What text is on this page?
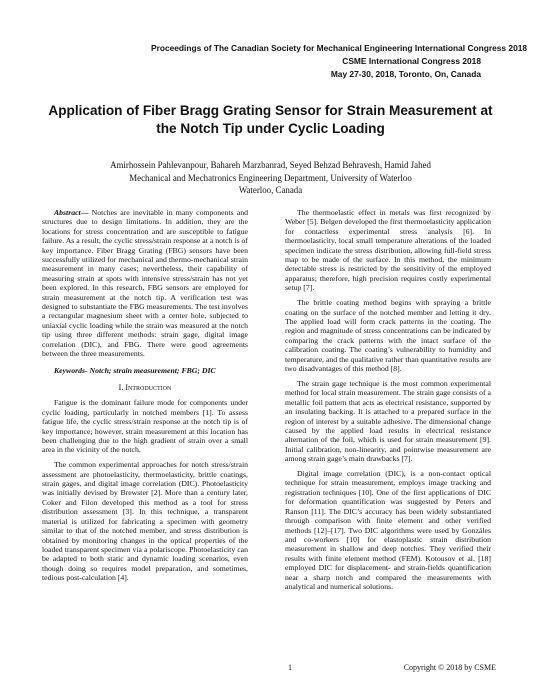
Proceedings of The Canadian Society for Mechanical Engineering International Congress 2018
CSME International Congress 2018
May 27-30, 2018, Toronto, On, Canada
Application of Fiber Bragg Grating Sensor for Strain Measurement at the Notch Tip under Cyclic Loading
Amirhossein Pahlevanpour, Bahareh Marzbanrad, Seyed Behzad Behravesh, Hamid Jahed
Mechanical and Mechatronics Engineering Department, University of Waterloo
Waterloo, Canada

Abstract— Notches are inevitable in many components and structures due to design limitations. In addition, they are the locations for stress concentration and are susceptible to fatigue failure. As a result, the cyclic stress/strain response at a notch is of key importance. Fiber Bragg Grating (FBG) sensors have been successfully utilized for mechanical and thermo-mechanical strain measurement in many cases; nevertheless, their capability of measuring strain at spots with intensive stress/strain has not yet been explored. In this research, FBG sensors are employed for strain measurement at the notch tip. A verification test was designed to substantiate the FBG measurements. The test involves a rectangular magnesium sheet with a center hole, subjected to uniaxial cyclic loading while the strain was measured at the notch tip using three different methods: strain gage, digital image correlation (DIC), and FBG. There were good agreements between the three measurements.

Keywords- Notch; strain measurement; FBG; DIC

I. Introduction

Fatigue is the dominant failure mode for components under cyclic loading, particularly in notched members [1]. To assess fatigue life, the cyclic stress/strain response at the notch tip is of key importance; however, strain measurement at this location has been challenging due to the high gradient of strain over a small area in the vicinity of the notch.

The common experimental approaches for notch stress/strain assessment are photoelasticity, thermoelasticity, brittle coatings, strain gages, and digital image correlation (DIC). Photoelasticity was initially devised by Brewster [2]. More than a century later, Coker and Filon developed this method as a tool for stress distribution assessment [3]. In this technique, a transparent material is utilized for fabricating a specimen with geometry similar to that of the notched member, and stress distribution is obtained by monitoring changes in the optical properties of the loaded transparent specimen via a polariscope. Photoelasticity can be adapted to both static and dynamic loading scenarios, even though doing so requires model preparation, and sometimes, tedious post-calculation [4].

The thermoelastic effect in metals was first recognized by Weber [5]. Belgen developed the first thermoelasticity application for contactless experimental stress analysis [6]. In thermoelasticity, local small temperature alterations of the loaded specimen indicate the stress distribution, allowing full-field stress map to be made of the surface. In this method, the minimum detectable stress is restricted by the sensitivity of the employed apparatus; therefore, high precision requires costly experimental setup [7].

The brittle coating method begins with spraying a brittle coating on the surface of the notched member and letting it dry. The applied load will form crack patterns in the coating. The region and magnitude of stress concentrations can be indicated by comparing the crack patterns with the intact surface of the calibration coating. The coating’s vulnerability to humidity and temperature, and the qualitative rather than quantitative results are two disadvantages of this method [8].

The strain gage technique is the most common experimental method for local strain measurement. The strain gage consists of a metallic foil pattern that acts as electrical resistance, supported by an insulating backing. It is attached to a prepared surface in the region of interest by a suitable adhesive. The dimensional change caused by the applied load results in electrical resistance alternation of the foil, which is used for strain measurement [9]. Initial calibration, non-linearity, and pointwise measurement are among strain gage’s main drawbacks [7].

Digital image correlation (DIC), is a non-contact optical technique for strain measurement, employs image tracking and registration techniques [10]. One of the first applications of DIC for deformation quantification was suggested by Peters and Ranson [11]. The DIC’s accuracy has been widely substantiated through comparison with finite element and other verified methods [12]–[17]. Two DIC algorithms were used by Gonzáles and co-workers [10] for elastoplastic strain distribution measurement in shallow and deep notches. They verified their results with finite element method (FEM). Kotousov et al. [18] employed DIC for displacement- and strain-fields quantification near a sharp notch and compared the measurements with analytical and numerical solutions.

1	Copyright © 2018 by CSME
